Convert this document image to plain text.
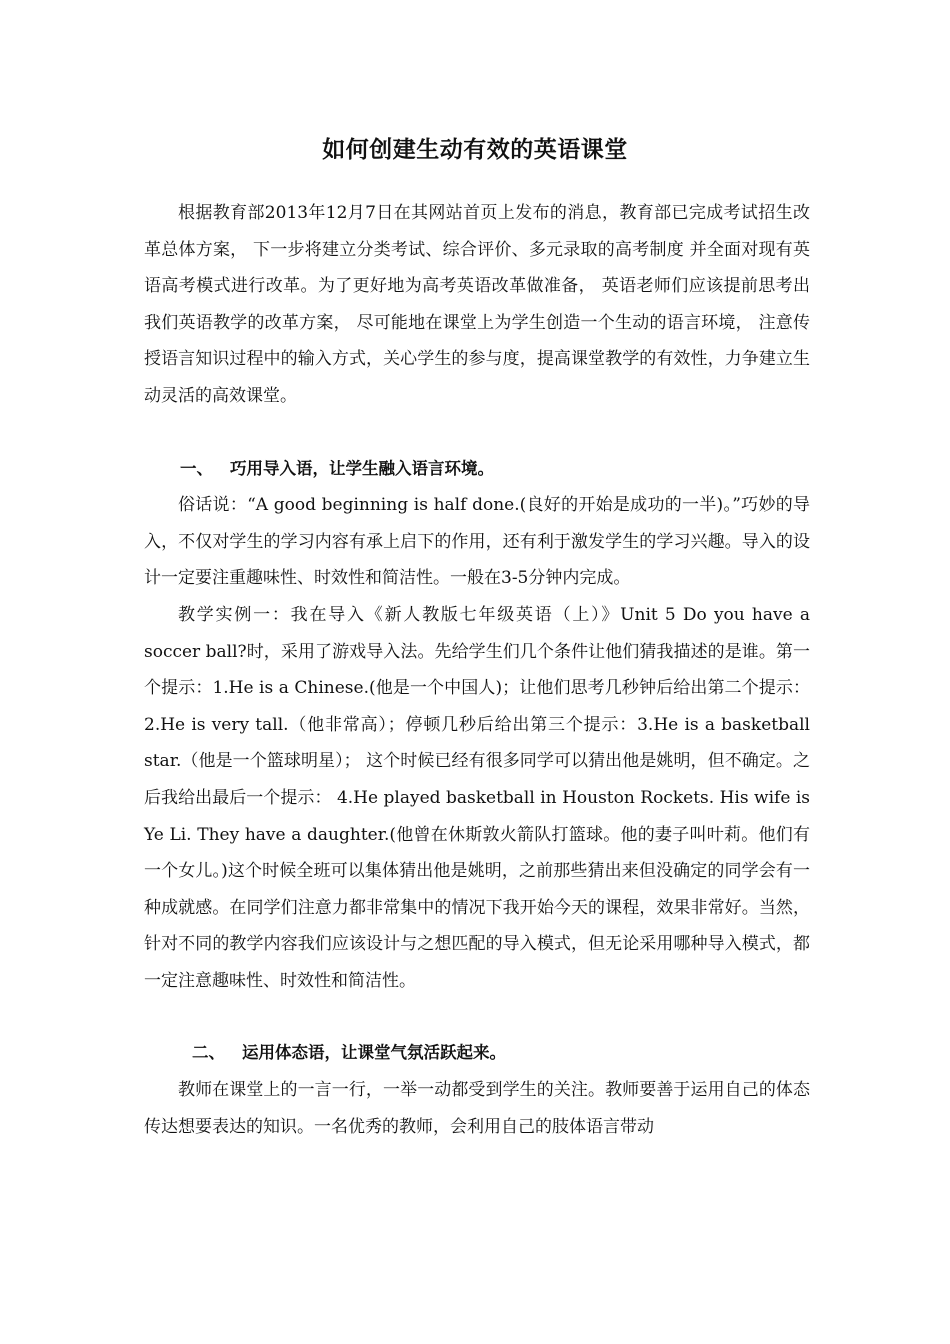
如何创建生动有效的英语课堂

根据教育部2013年12月7日在其网站首页上发布的消息，教育部已完成考试招生改革总体方案， 下一步将建立分类考试、综合评价、多元录取的高考制度 并全面对现有英语高考模式进行改革。为了更好地为高考英语改革做准备， 英语老师们应该提前思考出我们英语教学的改革方案， 尽可能地在课堂上为学生创造一个生动的语言环境， 注意传授语言知识过程中的输入方式，关心学生的参与度，提高课堂教学的有效性，力争建立生动灵活的高效课堂。

一、 巧用导入语，让学生融入语言环境。

俗话说：“A good beginning is half done.(良好的开始是成功的一半)。”巧妙的导入，不仅对学生的学习内容有承上启下的作用，还有利于激发学生的学习兴趣。导入的设计一定要注重趣味性、时效性和简洁性。一般在3-5分钟内完成。

教学实例一：我在导入《新人教版七年级英语（上）》Unit 5 Do you have a soccer ball?时，采用了游戏导入法。先给学生们几个条件让他们猜我描述的是谁。第一个提示：1.He is a Chinese.(他是一个中国人)；让他们思考几秒钟后给出第二个提示：2.He is very tall.（他非常高）；停顿几秒后给出第三个提示：3.He is a basketball star.（他是一个篮球明星）； 这个时候已经有很多同学可以猜出他是姚明，但不确定。之后我给出最后一个提示： 4.He played basketball in Houston Rockets. His wife is Ye Li. They have a daughter.(他曾在休斯敦火箭队打篮球。他的妻子叫叶莉。他们有一个女儿。)这个时候全班可以集体猜出他是姚明，之前那些猜出来但没确定的同学会有一种成就感。在同学们注意力都非常集中的情况下我开始今天的课程，效果非常好。当然，针对不同的教学内容我们应该设计与之想匹配的导入模式，但无论采用哪种导入模式，都一定注意趣味性、时效性和简洁性。

二、 运用体态语，让课堂气氛活跃起来。

教师在课堂上的一言一行，一举一动都受到学生的关注。教师要善于运用自己的体态传达想要表达的知识。一名优秀的教师，会利用自己的肢体语言带动
